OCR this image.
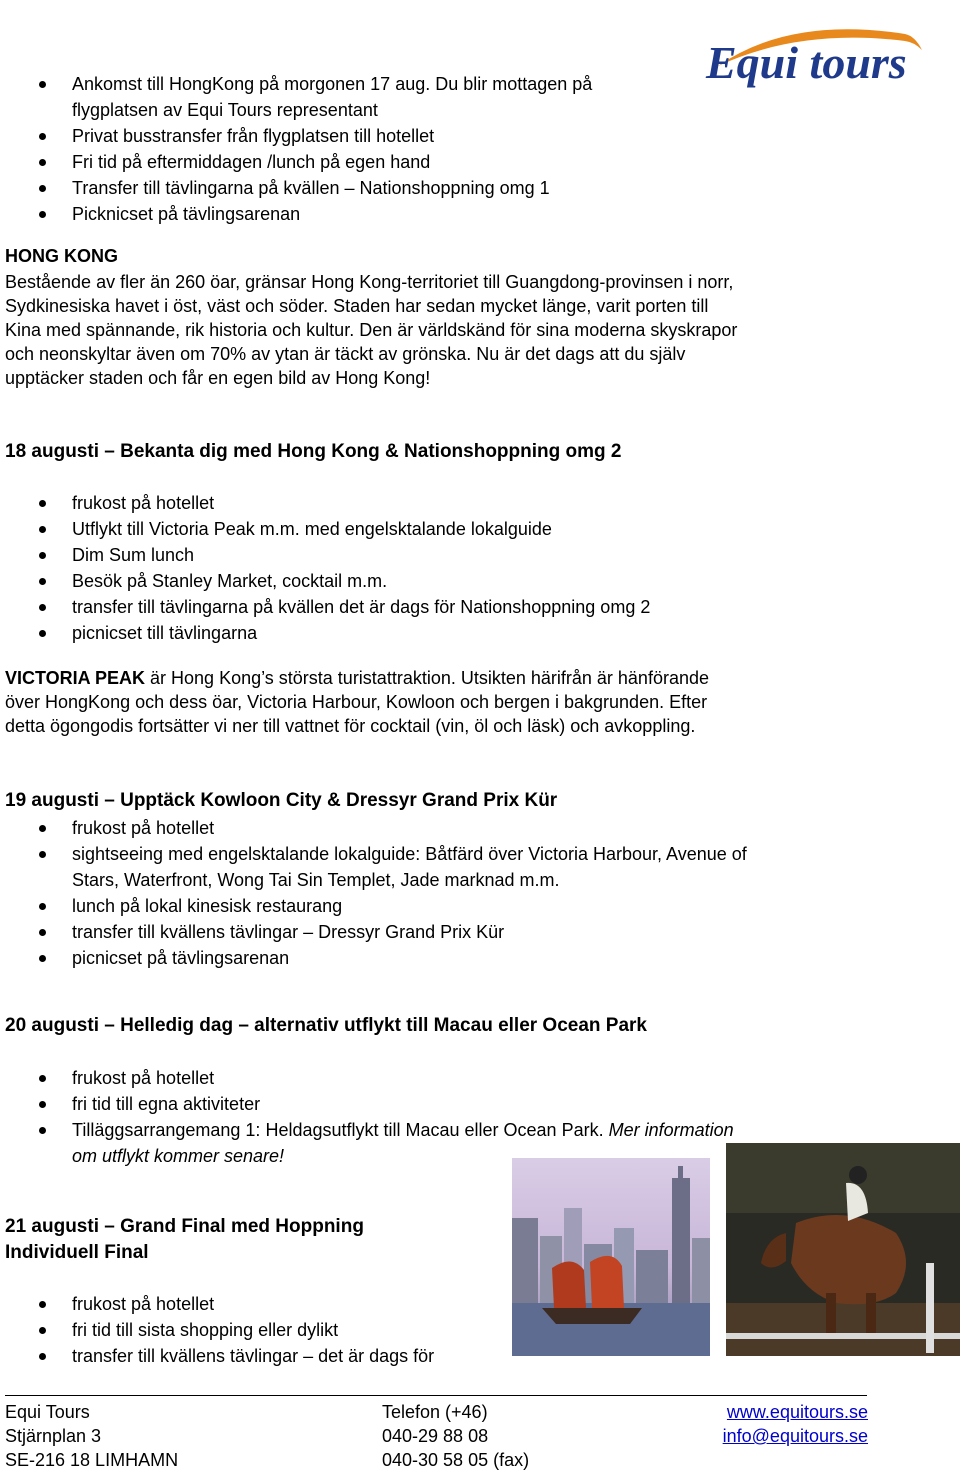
Equi tours
Ankomst till HongKong på morgonen 17 aug. Du blir mottagen på
flygplatsen av Equi Tours representant
Privat busstransfer från flygplatsen till hotellet
Fri tid på eftermiddagen /lunch på egen hand
Transfer till tävlingarna på kvällen – Nationshoppning omg 1
Picknicset på tävlingsarenan
HONG KONG
Bestående av fler än 260 öar, gränsar Hong Kong-territoriet till Guangdong-provinsen i norr,
Sydkinesiska havet i öst, väst och söder. Staden har sedan mycket länge, varit porten till
Kina med spännande, rik historia och kultur. Den är världskänd för sina moderna skyskrapor
och neonskyltar även om 70% av ytan är täckt av grönska. Nu är det dags att du själv
upptäcker staden och får en egen bild av Hong Kong!
18 augusti – Bekanta dig med Hong Kong & Nationshoppning omg 2
frukost på hotellet
Utflykt till Victoria Peak m.m. med engelsktalande lokalguide
Dim Sum lunch
Besök på Stanley Market, cocktail m.m.
transfer till tävlingarna på kvällen det är dags för Nationshoppning omg 2
picnicset till tävlingarna
VICTORIA PEAK är Hong Kong’s största turistattraktion. Utsikten härifrån är hänförande
över HongKong och dess öar, Victoria Harbour, Kowloon och bergen i bakgrunden. Efter
detta ögongodis fortsätter vi ner till vattnet för cocktail (vin, öl och läsk) och avkoppling.
19 augusti – Upptäck Kowloon City & Dressyr Grand Prix Kür
frukost på hotellet
sightseeing med engelsktalande lokalguide: Båtfärd över Victoria Harbour, Avenue of
Stars, Waterfront, Wong Tai Sin Templet, Jade marknad m.m.
lunch på lokal kinesisk restaurang
transfer till kvällens tävlingar – Dressyr Grand Prix Kür
picnicset på tävlingsarenan
20 augusti – Helledig dag – alternativ utflykt till Macau eller Ocean Park
frukost på hotellet
fri tid till egna aktiviteter
Tilläggsarrangemang 1: Heldagsutflykt till Macau eller Ocean Park. Mer information
om utflykt kommer senare!
21 augusti – Grand Final med Hoppning
Individuell Final
frukost på hotellet
fri tid till sista shopping eller dylikt
transfer till kvällens tävlingar – det är dags för
Equi Tours
Stjärnplan 3
SE-216 18 LIMHAMN
Telefon (+46)
040-29 88 08
040-30 58 05 (fax)
www.equitours.se
info@equitours.se
